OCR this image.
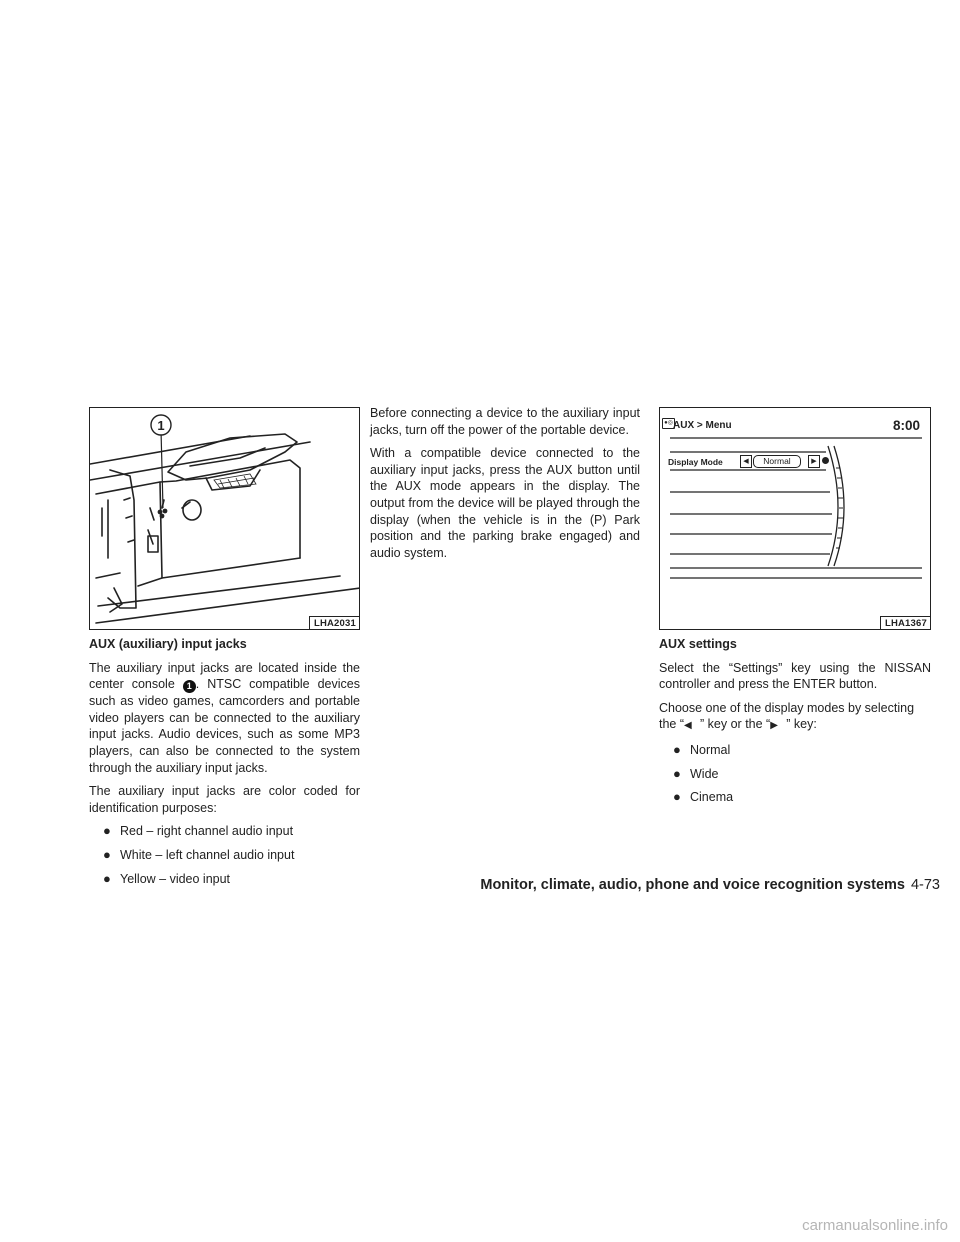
1
LHA2031
●◎ AUX > Menu	8:00
Display Mode	◀	Normal	▶
LHA1367
AUX (auxiliary) input jacks

The auxiliary input jacks are located inside the center console 1 . NTSC compatible devices such as video games, camcorders and portable video players can be connected to the auxiliary input jacks. Audio devices, such as some MP3 players, can also be connected to the system through the auxiliary input jacks.

The auxiliary input jacks are color coded for identification purposes:

● Red – right channel audio input
● White – left channel audio input
● Yellow – video input

Before connecting a device to the auxiliary input jacks, turn off the power of the portable device.

With a compatible device connected to the auxiliary input jacks, press the AUX button until the AUX mode appears in the display. The output from the device will be played through the display (when the vehicle is in the (P) Park position and the parking brake engaged) and audio system.

AUX settings

Select the “Settings” key using the NISSAN controller and press the ENTER button.

Choose one of the display modes by selecting the “◀   ” key or the “▶   ” key:

● Normal
● Wide
● Cinema
Monitor, climate, audio, phone and voice recognition systems 4-73
carmanualsonline.info
